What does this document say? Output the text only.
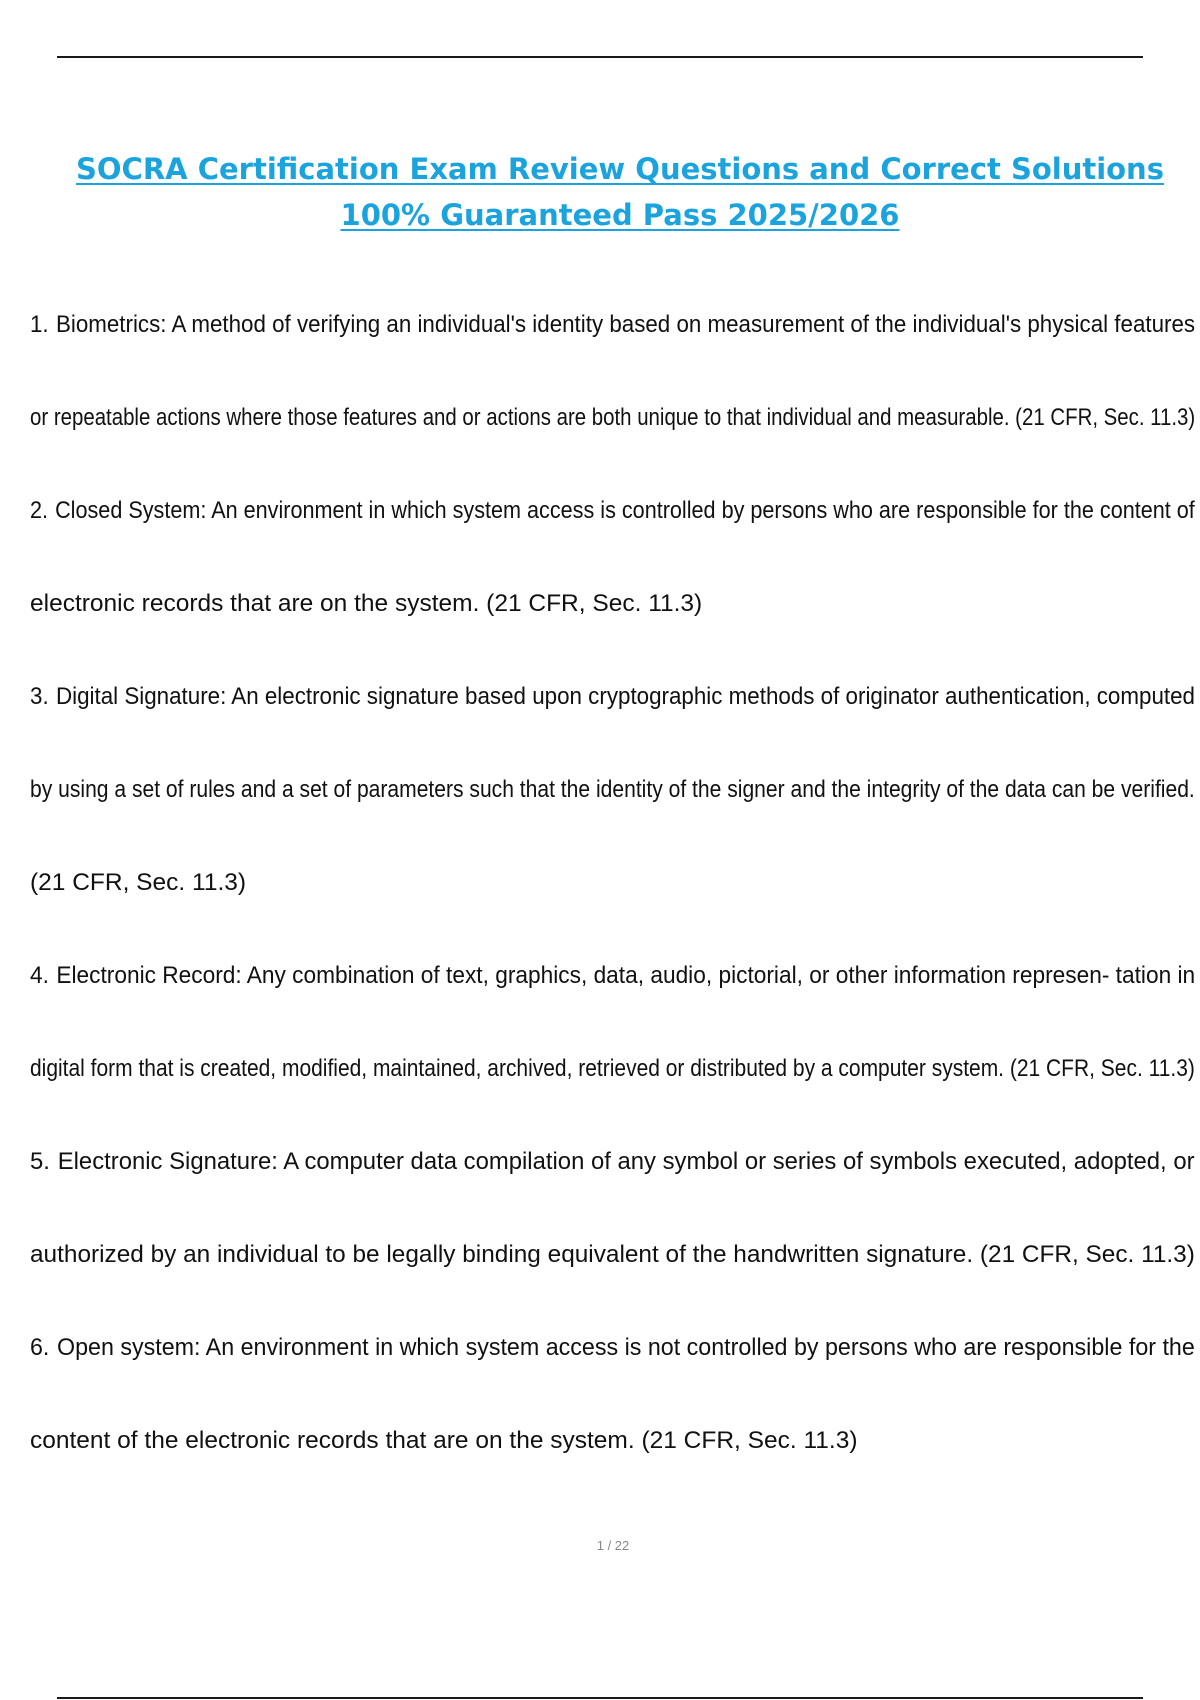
SOCRA Certification Exam Review Questions and Correct Solutions
100% Guaranteed Pass 2025/2026
1. Biometrics: A method of verifying an individual's identity based on measurement of the individual's physical features
or repeatable actions where those features and or actions are both unique to that individual and measurable. (21 CFR, Sec. 11.3)
2. Closed System: An environment in which system access is controlled by persons who are responsible for the content of
electronic records that are on the system. (21 CFR, Sec. 11.3)
3. Digital Signature: An electronic signature based upon cryptographic methods of originator authentication, computed
by using a set of rules and a set of parameters such that the identity of the signer and the integrity of the data can be verified.
(21 CFR, Sec. 11.3)
4. Electronic Record: Any combination of text, graphics, data, audio, pictorial, or other information represen- tation in
digital form that is created, modified, maintained, archived, retrieved or distributed by a computer system. (21 CFR, Sec. 11.3)
5. Electronic Signature: A computer data compilation of any symbol or series of symbols executed, adopted, or
authorized by an individual to be legally binding equivalent of the handwritten signature. (21 CFR, Sec. 11.3)
6. Open system: An environment in which system access is not controlled by persons who are responsible for the
content of the electronic records that are on the system. (21 CFR, Sec. 11.3)
1 / 22
